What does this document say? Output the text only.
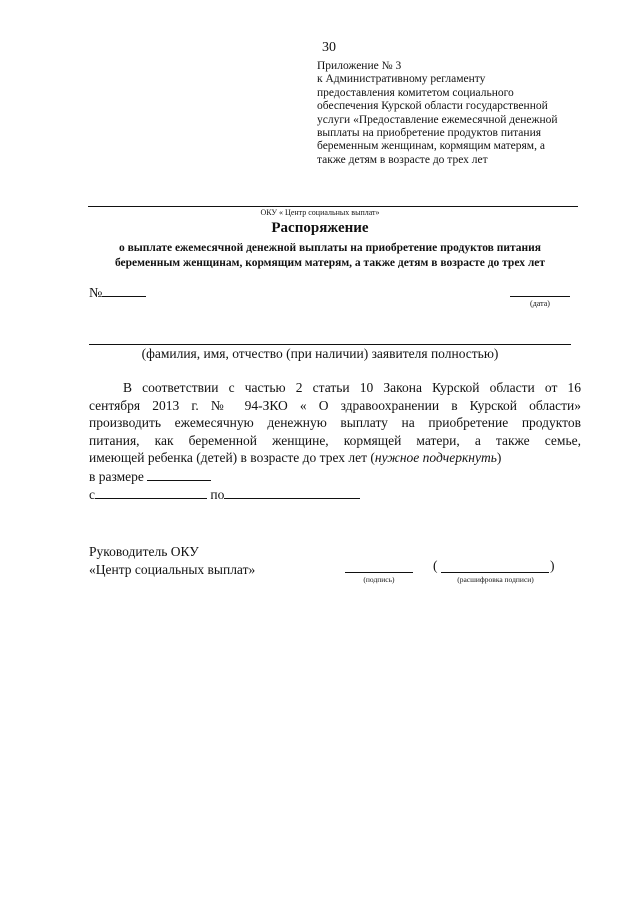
30
Приложение № 3
к Административному регламенту
предоставления комитетом социального
обеспечения Курской области государственной
услуги «Предоставление ежемесячной денежной
выплаты на приобретение продуктов питания
беременным женщинам, кормящим матерям, а
также детям в возрасте до трех лет
ОКУ « Центр социальных выплат»
Распоряжение
о выплате ежемесячной денежной выплаты на приобретение продуктов питания
беременным женщинам, кормящим матерям, а также детям в возрасте до трех лет
№
(дата)
(фамилия, имя, отчество (при наличии) заявителя полностью)
В соответствии с частью 2 статьи 10 Закона Курской области от 16
сентября 2013 г. № 94-ЗКО « О здравоохранении в Курской области»
производить ежемесячную денежную выплату на приобретение продуктов
питания, как беременной женщине, кормящей матери, а также семье,
имеющей ребенка (детей) в возрасте до трех лет (нужное подчеркнуть)
в размере
с	по
Руководитель ОКУ
«Центр социальных выплат»
(подпись)
(	)
(расшифровка подписи)
